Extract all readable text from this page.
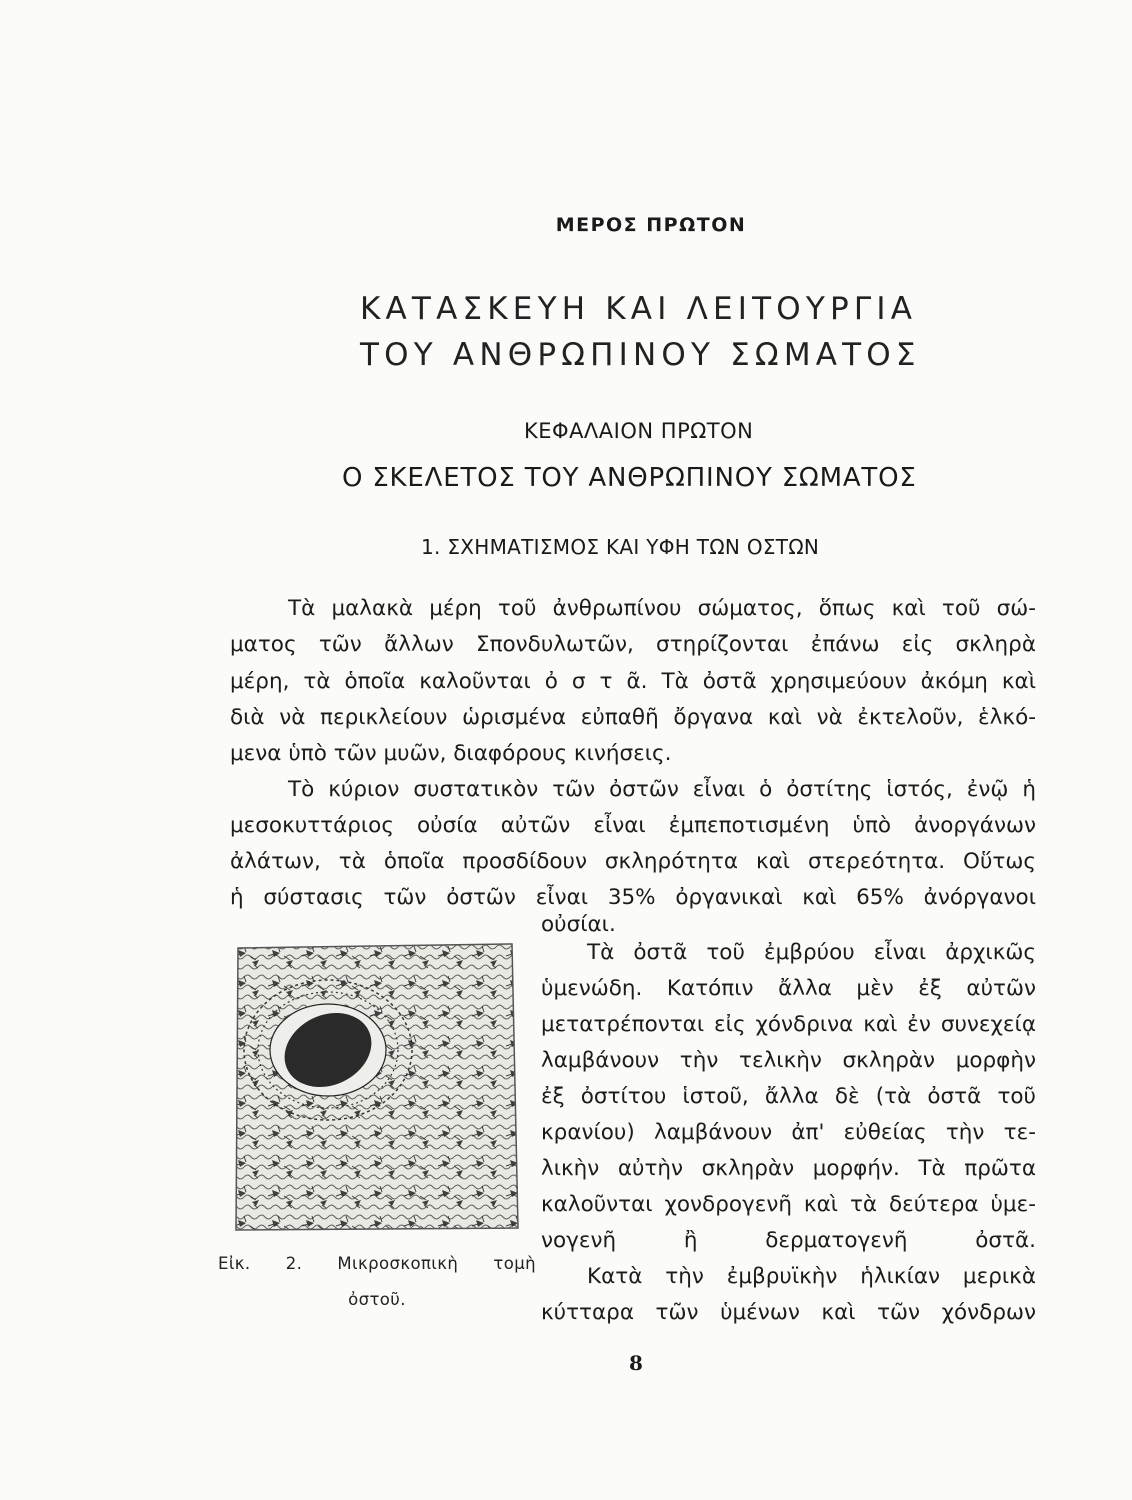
ΜΕΡΟΣ ΠΡΩΤΟΝ
ΚΑΤΑΣΚΕΥΗ ΚΑΙ ΛΕΙΤΟΥΡΓΙΑ
ΤΟΥ ΑΝΘΡΩΠΙΝΟΥ ΣΩΜΑΤΟΣ
ΚΕΦΑΛΑΙΟΝ ΠΡΩΤΟΝ
Ο ΣΚΕΛΕΤΟΣ ΤΟΥ ΑΝΘΡΩΠΙΝΟΥ ΣΩΜΑΤΟΣ
1. ΣΧΗΜΑΤΙΣΜΟΣ ΚΑΙ ΥΦΗ ΤΩΝ ΟΣΤΩΝ
Τὰ μαλακὰ μέρη τοῦ ἀνθρωπίνου σώματος, ὅπως καὶ τοῦ σώ-
ματος τῶν ἄλλων Σπονδυλωτῶν, στηρίζονται ἐπάνω εἰς σκληρὰ
μέρη, τὰ ὁποῖα καλοῦνται ὀ σ τ ᾶ. Τὰ ὀστᾶ χρησιμεύουν ἀκόμη καὶ
διὰ νὰ περικλείουν ὡρισμένα εὐπαθῆ ὄργανα καὶ νὰ ἐκτελοῦν, ἑλκό-
μενα ὑπὸ τῶν μυῶν, διαφόρους κινήσεις.
Τὸ κύριον συστατικὸν τῶν ὀστῶν εἶναι ὁ ὀστίτης ἱστός, ἐνῷ ἡ
μεσοκυττάριος οὐσία αὐτῶν εἶναι ἐμπεποτισμένη ὑπὸ ἀνοργάνων
ἀλάτων, τὰ ὁποῖα προσδίδουν σκληρότητα καὶ στερεότητα. Οὕτως
ἡ σύστασις τῶν ὀστῶν εἶναι 35% ὀργανικαὶ καὶ 65% ἀνόργανοι
οὐσίαι.
Τὰ ὀστᾶ τοῦ ἐμβρύου εἶναι ἀρχικῶς
ὑμενώδη. Κατόπιν ἄλλα μὲν ἐξ αὐτῶν
μετατρέπονται εἰς χόνδρινα καὶ ἐν συνεχείᾳ
λαμβάνουν τὴν τελικὴν σκληρὰν μορφὴν
ἐξ ὀστίτου ἱστοῦ, ἄλλα δὲ (τὰ ὀστᾶ τοῦ
κρανίου) λαμβάνουν ἀπ' εὐθείας τὴν τε-
λικὴν αὐτὴν σκληρὰν μορφήν. Τὰ πρῶτα
καλοῦνται χονδρογενῆ καὶ τὰ δεύτερα ὑμε-
νογενῆ ἢ δερματογενῆ ὀστᾶ.
Κατὰ τὴν ἐμβρυϊκὴν ἡλικίαν μερικὰ
κύτταρα τῶν ὑμένων καὶ τῶν χόνδρων
Εἰκ. 2. Μικροσκοπικὴ τομὴ
ὀστοῦ.
8
